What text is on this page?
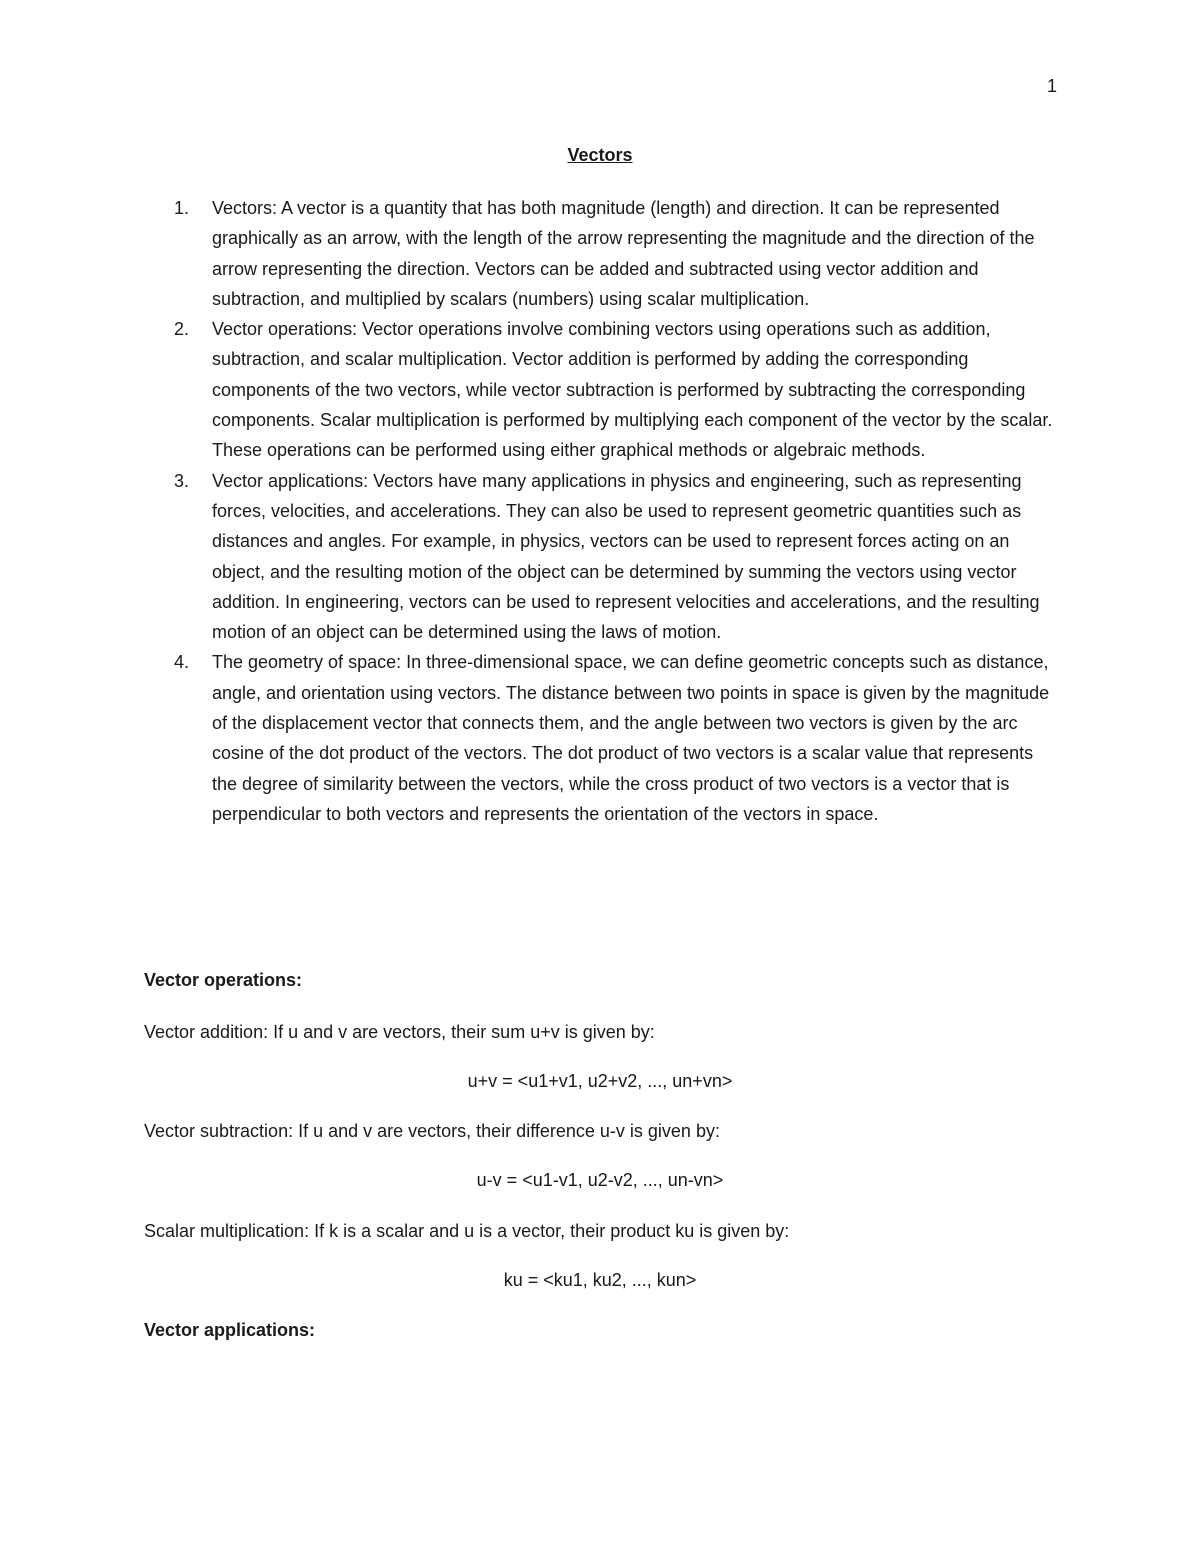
1
Vectors
1.	Vectors: A vector is a quantity that has both magnitude (length) and direction. It can be represented graphically as an arrow, with the length of the arrow representing the magnitude and the direction of the arrow representing the direction. Vectors can be added and subtracted using vector addition and subtraction, and multiplied by scalars (numbers) using scalar multiplication.
2.	Vector operations: Vector operations involve combining vectors using operations such as addition, subtraction, and scalar multiplication. Vector addition is performed by adding the corresponding components of the two vectors, while vector subtraction is performed by subtracting the corresponding components. Scalar multiplication is performed by multiplying each component of the vector by the scalar. These operations can be performed using either graphical methods or algebraic methods.
3.	Vector applications: Vectors have many applications in physics and engineering, such as representing forces, velocities, and accelerations. They can also be used to represent geometric quantities such as distances and angles. For example, in physics, vectors can be used to represent forces acting on an object, and the resulting motion of the object can be determined by summing the vectors using vector addition. In engineering, vectors can be used to represent velocities and accelerations, and the resulting motion of an object can be determined using the laws of motion.
4.	The geometry of space: In three-dimensional space, we can define geometric concepts such as distance, angle, and orientation using vectors. The distance between two points in space is given by the magnitude of the displacement vector that connects them, and the angle between two vectors is given by the arc cosine of the dot product of the vectors. The dot product of two vectors is a scalar value that represents the degree of similarity between the vectors, while the cross product of two vectors is a vector that is perpendicular to both vectors and represents the orientation of the vectors in space.
Vector operations:
Vector addition: If u and v are vectors, their sum u+v is given by:
u+v = <u1+v1, u2+v2, ..., un+vn>
Vector subtraction: If u and v are vectors, their difference u-v is given by:
u-v = <u1-v1, u2-v2, ..., un-vn>
Scalar multiplication: If k is a scalar and u is a vector, their product ku is given by:
ku = <ku1, ku2, ..., kun>
Vector applications:
